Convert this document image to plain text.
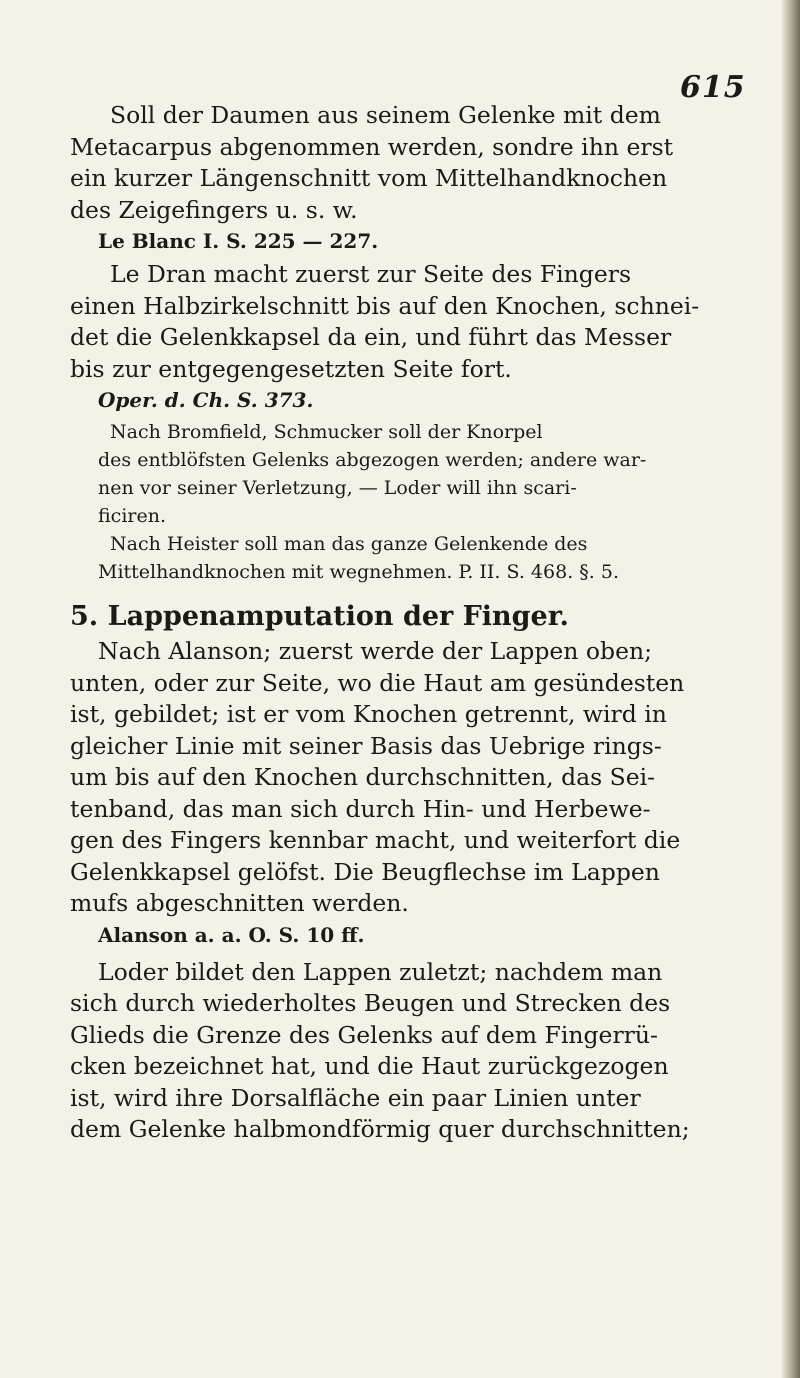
615
Soll der Daumen aus seinem Gelenke mit dem
Metacarpus abgenommen werden, sondre ihn erst
ein kurzer Längenschnitt vom Mittelhandknochen
des Zeigefingers u. s. w.
Le Blanc I. S. 225 — 227.
Le Dran macht zuerst zur Seite des Fingers
einen Halbzirkelschnitt bis auf den Knochen, schnei-
det die Gelenkkapsel da ein, und führt das Messer
bis zur entgegengesetzten Seite fort.
Oper. d. Ch. S. 373.
Nach Bromfield, Schmucker soll der Knorpel
des entblöfsten Gelenks abgezogen werden; andere war-
nen vor seiner Verletzung, — Loder will ihn scari-
ficiren.
Nach Heister soll man das ganze Gelenkende des
Mittelhandknochen mit wegnehmen. P. II. S. 468. §. 5.
5. Lappenamputation der Finger.
Nach Alanson; zuerst werde der Lappen oben;
unten, oder zur Seite, wo die Haut am gesündesten
ist, gebildet; ist er vom Knochen getrennt, wird in
gleicher Linie mit seiner Basis das Uebrige rings-
um bis auf den Knochen durchschnitten, das Sei-
tenband, das man sich durch Hin- und Herbewe-
gen des Fingers kennbar macht, und weiterfort die
Gelenkkapsel gelöfst. Die Beugflechse im Lappen
mufs abgeschnitten werden.
Alanson a. a. O. S. 10 ff.
Loder bildet den Lappen zuletzt; nachdem man
sich durch wiederholtes Beugen und Strecken des
Glieds die Grenze des Gelenks auf dem Fingerrü-
cken bezeichnet hat, und die Haut zurückgezogen
ist, wird ihre Dorsalfläche ein paar Linien unter
dem Gelenke halbmondförmig quer durchschnitten;
